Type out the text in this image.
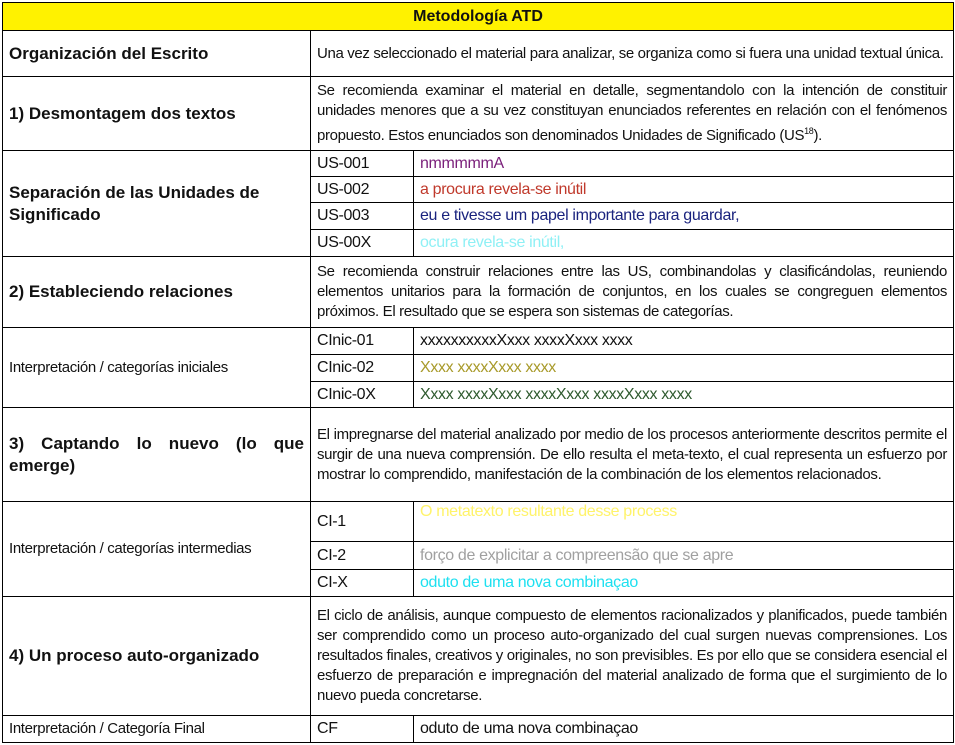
Metodología ATD		
Organización del Escrito	Una vez seleccionado el material para analizar, se organiza como si fuera una unidad textual única.	
1) Desmontagem dos textos	Se recomienda examinar el material en detalle, segmentandolo con la intención de constituir unidades menores que a su vez constituyan enunciados referentes en relación con el fenómenos propuesto. Estos enunciados son denominados Unidades de Significado (US$^{18}$).	
Separación de las Unidades de Significado	US-001	nmmmmmA
	US-002	a procura revela-se inútil
	US-003	eu e tivesse um papel importante para guardar,
	US-00X	ocura revela-se inútil,
2) Estableciendo relaciones	Se recomienda construir relaciones entre las US, combinandolas y clasificándolas, reuniendo elementos unitarios para la formación de conjuntos, en los cuales se congreguen elementos próximos. El resultado que se espera son sistemas de categorías.	
Interpretación / categorías iniciales	CInic-01	xxxxxxxxxxXxxx xxxxXxxx xxxx
	CInic-02	Xxxx xxxxXxxx xxxx
	CInic-0X	Xxxx xxxxXxxx xxxxXxxx xxxxXxxx xxxx
3) Captando lo nuevo (lo que emerge)	El impregnarse del material analizado por medio de los procesos anteriormente descritos permite el surgir de una nueva comprensión. De ello resulta el meta-texto, el cual representa un esfuerzo por mostrar lo comprendido, manifestación de la combinación de los elementos relacionados.	
Interpretación / categorías intermedias	CI-1	O metatexto resultante desse process
	CI-2	forço de explicitar a compreensão que se apre
	CI-X	oduto de uma nova combinaçao
4) Un proceso auto-organizado	El ciclo de análisis, aunque compuesto de elementos racionalizados y planificados, puede también ser comprendido como un proceso auto-organizado del cual surgen nuevas comprensiones. Los resultados finales, creativos y originales, no son previsibles. Es por ello que se considera esencial el esfuerzo de preparación e impregnación del material analizado de forma que el surgimiento de lo nuevo pueda concretarse.	
Interpretación / Categoría Final	CF	oduto de uma nova combinaçao
